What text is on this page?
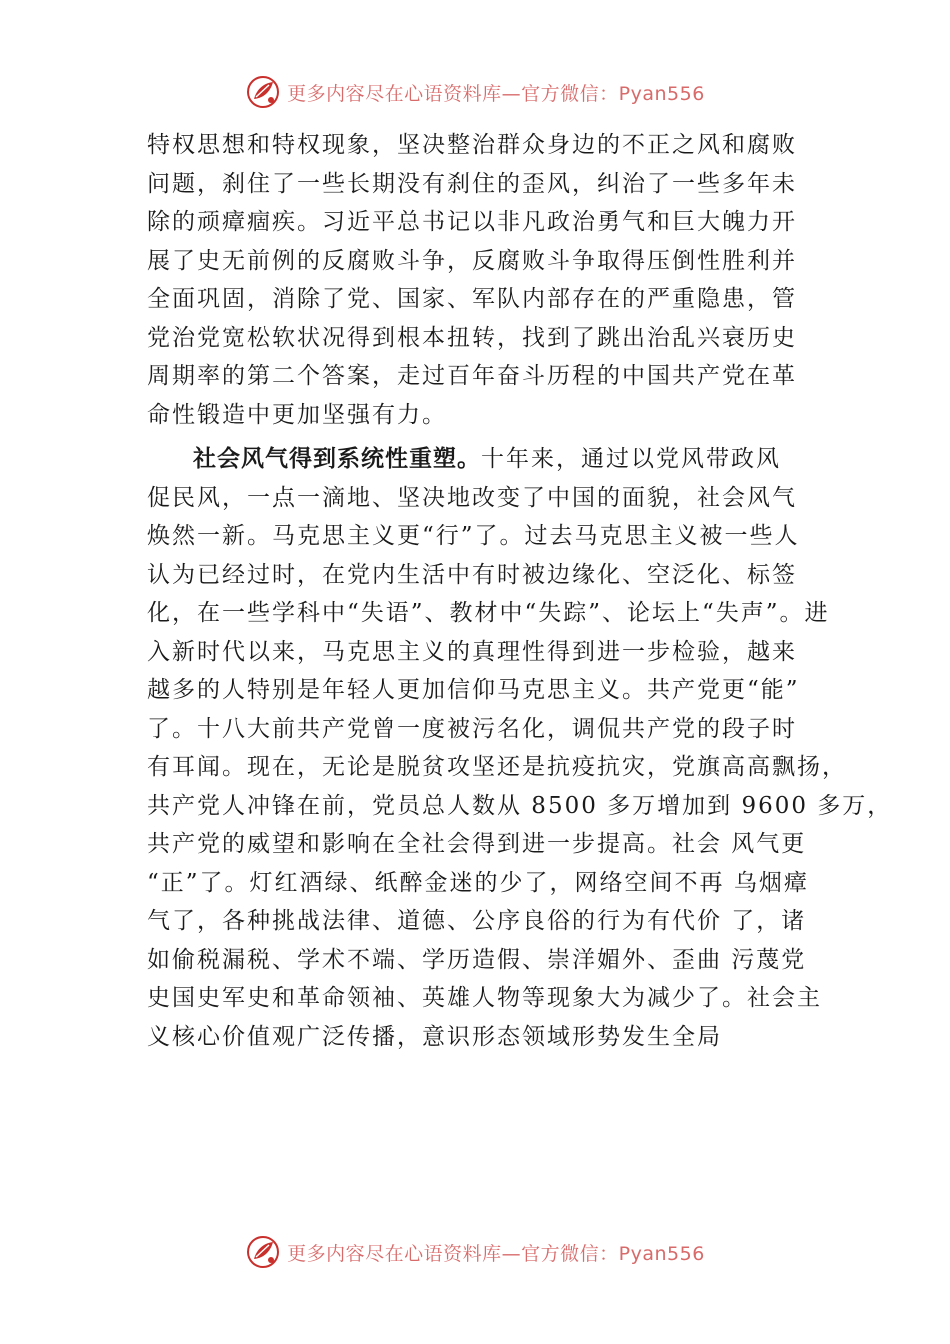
更多内容尽在心语资料库—官方微信：Pyan556
特权思想和特权现象，坚决整治群众身边的不正之风和腐败
问题，刹住了一些长期没有刹住的歪风，纠治了一些多年未
除的顽瘴痼疾。习近平总书记以非凡政治勇气和巨大魄力开
展了史无前例的反腐败斗争，反腐败斗争取得压倒性胜利并
全面巩固，消除了党、国家、军队内部存在的严重隐患，管
党治党宽松软状况得到根本扭转，找到了跳出治乱兴衰历史
周期率的第二个答案，走过百年奋斗历程的中国共产党在革
命性锻造中更加坚强有力。
社会风气得到系统性重塑。十年来，通过以党风带政风
促民风，一点一滴地、坚决地改变了中国的面貌，社会风气
焕然一新。马克思主义更“行”了。过去马克思主义被一些人
认为已经过时，在党内生活中有时被边缘化、空泛化、标签
化，在一些学科中“失语”、教材中“失踪”、论坛上“失声”。进
入新时代以来，马克思主义的真理性得到进一步检验，越来
越多的人特别是年轻人更加信仰马克思主义。共产党更“能”
了。十八大前共产党曾一度被污名化，调侃共产党的段子时
有耳闻。现在，无论是脱贫攻坚还是抗疫抗灾，党旗高高飘扬，
共产党人冲锋在前，党员总人数从 8500 多万增加到 9600 多万，
共产党的威望和影响在全社会得到进一步提高。社会 风气更
“正”了。灯红酒绿、纸醉金迷的少了，网络空间不再 乌烟瘴
气了，各种挑战法律、道德、公序良俗的行为有代价 了，诸
如偷税漏税、学术不端、学历造假、崇洋媚外、歪曲 污蔑党
史国史军史和革命领袖、英雄人物等现象大为减少了。社会主
义核心价值观广泛传播，意识形态领域形势发生全局
更多内容尽在心语资料库—官方微信：Pyan556
